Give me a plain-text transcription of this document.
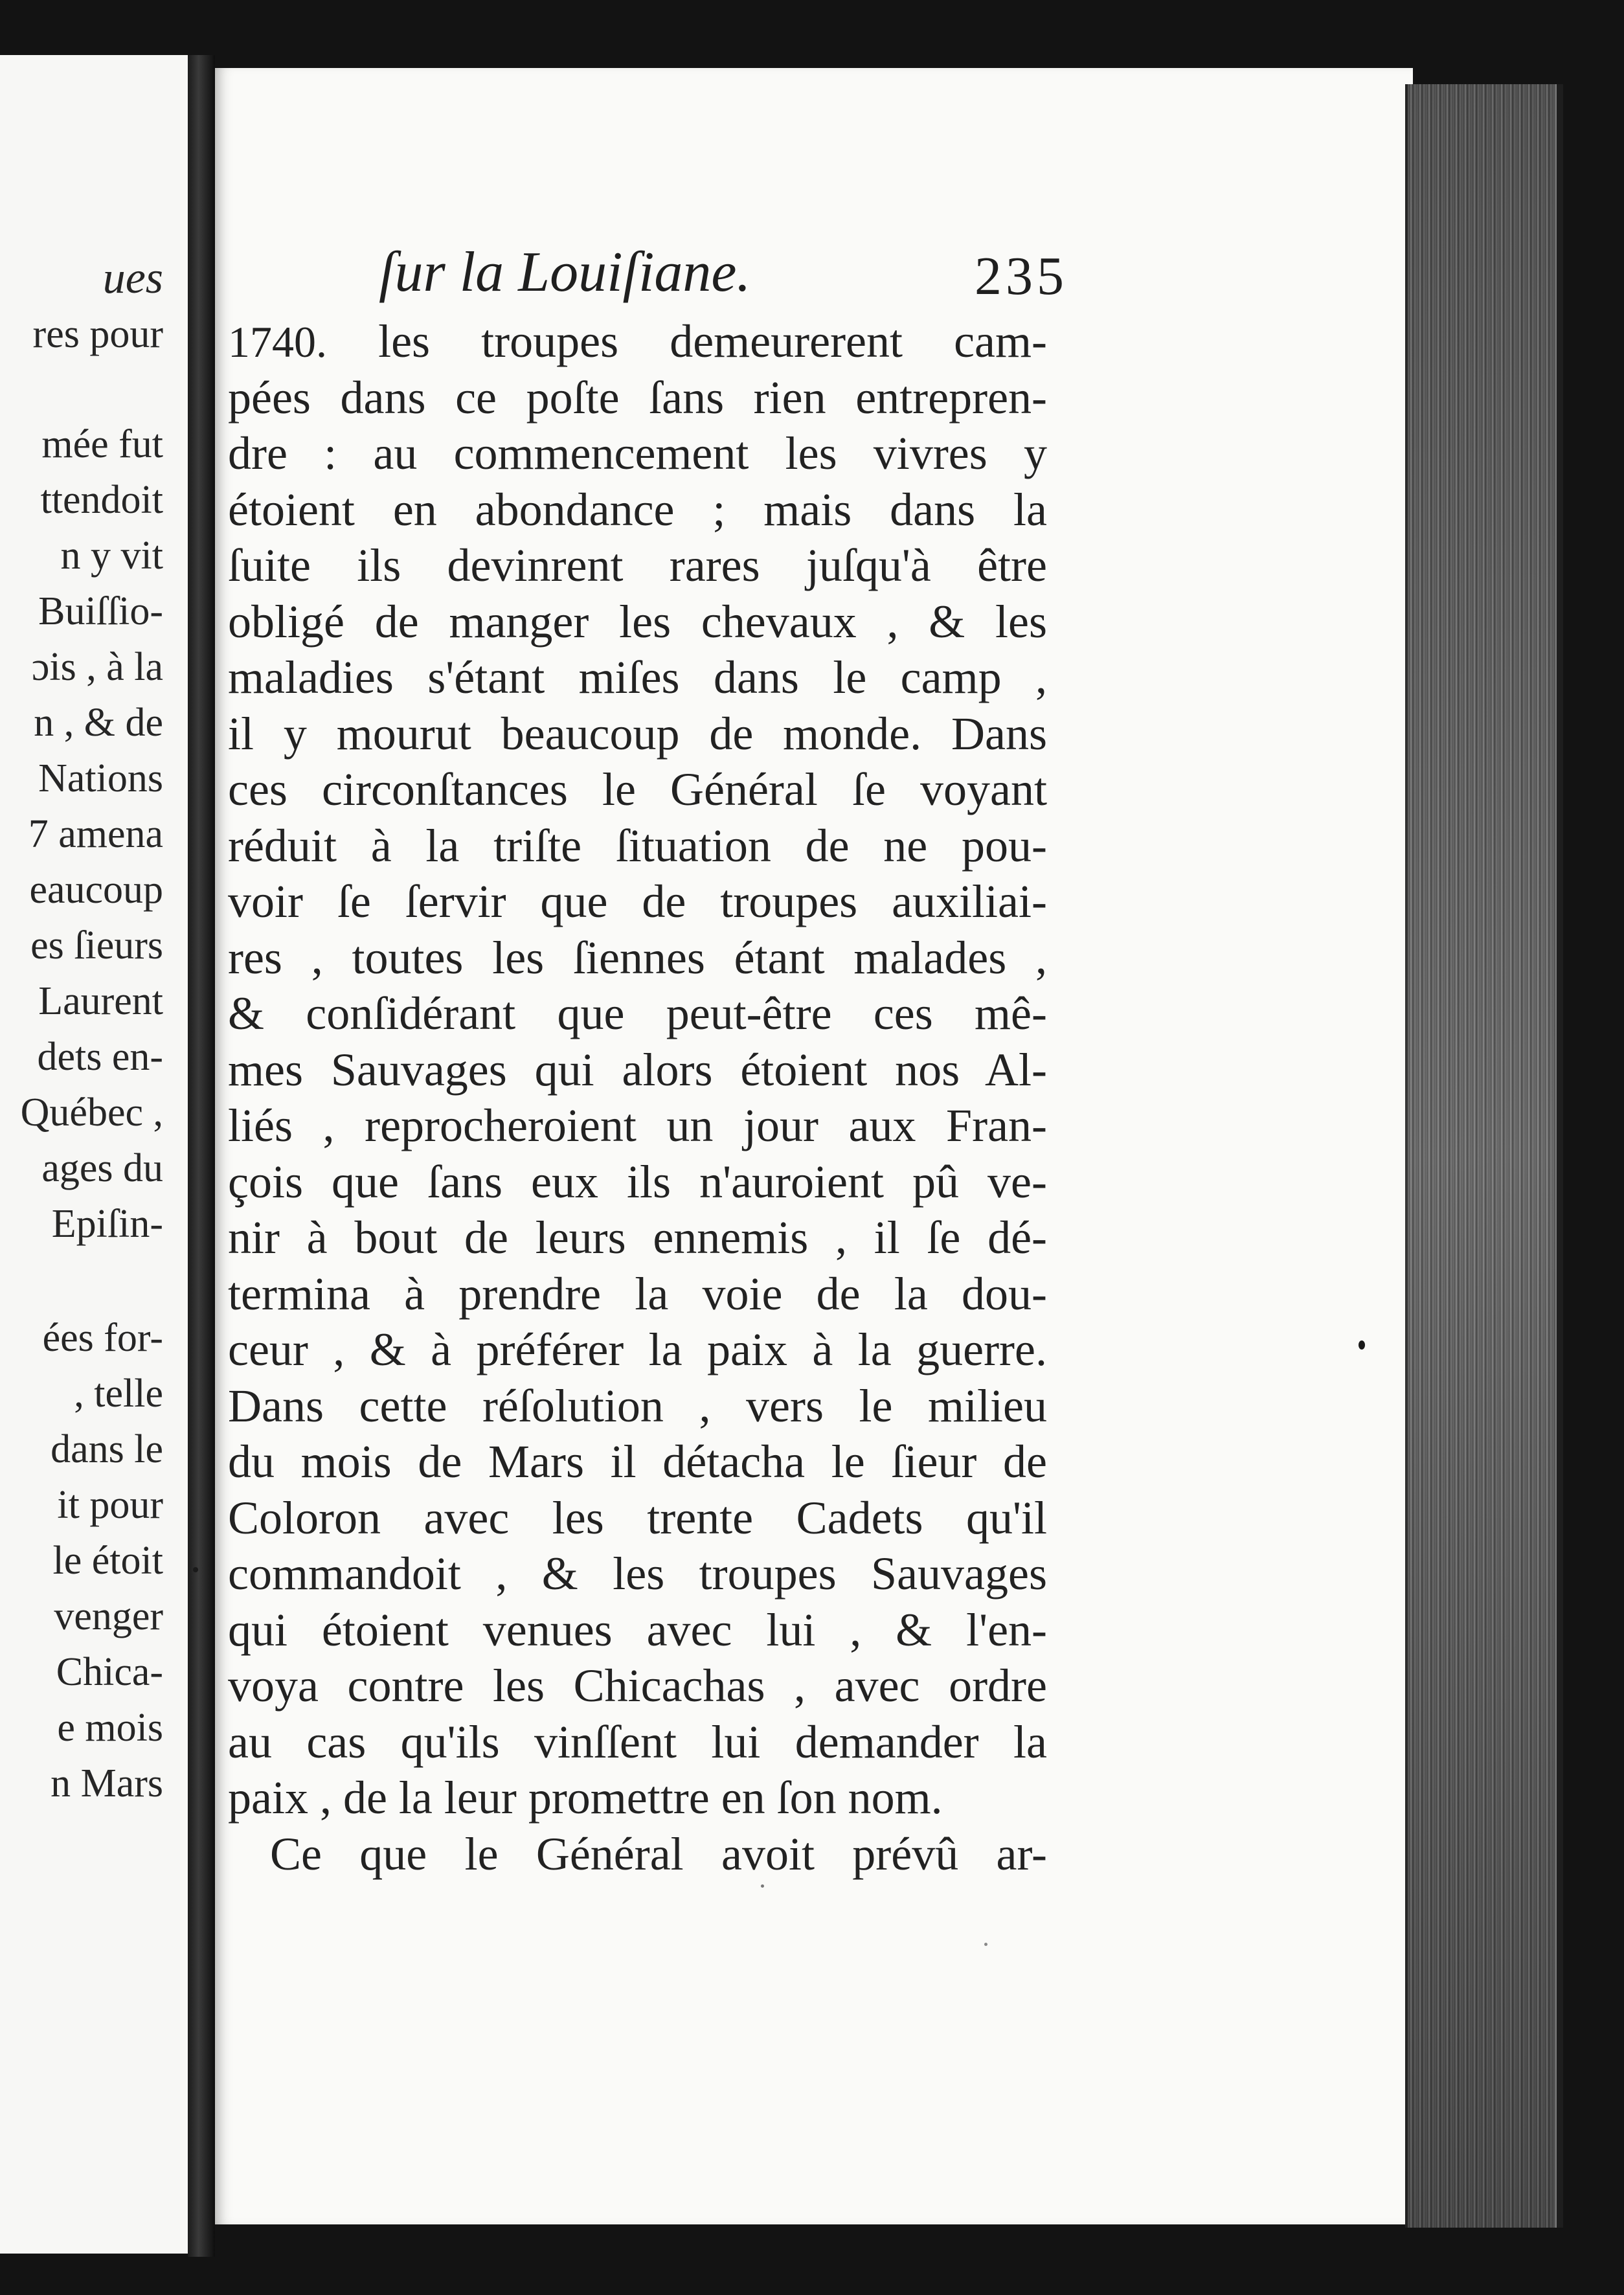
ues
res pour
mée fut
ttendoit
n y vit
Buiſſio-
ɔis , à la
n , & de
Nations
7 amena
eaucoup
es ſieurs
Laurent
dets en-
Québec ,
ages du
Epiſin-
ées for-
, telle
dans le
it pour
le étoit
venger
Chica-
e mois
n Mars
ſur la Louiſiane.	235
1740. les troupes demeurerent cam-
pées dans ce poſte ſans rien entrepren-
dre : au commencement les vivres y
étoient en abondance ; mais dans la
ſuite ils devinrent rares juſqu'à être
obligé de manger les chevaux , & les
maladies s'étant miſes dans le camp ,
il y mourut beaucoup de monde. Dans
ces circonſtances le Général ſe voyant
réduit à la triſte ſituation de ne pou-
voir ſe ſervir que de troupes auxiliai-
res , toutes les ſiennes étant malades ,
& conſidérant que peut-être ces mê-
mes Sauvages qui alors étoient nos Al-
liés , reprocheroient un jour aux Fran-
çois que ſans eux ils n'auroient pû ve-
nir à bout de leurs ennemis , il ſe dé-
termina à prendre la voie de la dou-
ceur , & à préférer la paix à la guerre.
Dans cette réſolution , vers le milieu
du mois de Mars il détacha le ſieur de
Coloron avec les trente Cadets qu'il
commandoit , & les troupes Sauvages
qui étoient venues avec lui , & l'en-
voya contre les Chicachas , avec ordre
au cas qu'ils vinſſent lui demander la
paix , de la leur promettre en ſon nom.
Ce que le Général avoit prévû ar-
